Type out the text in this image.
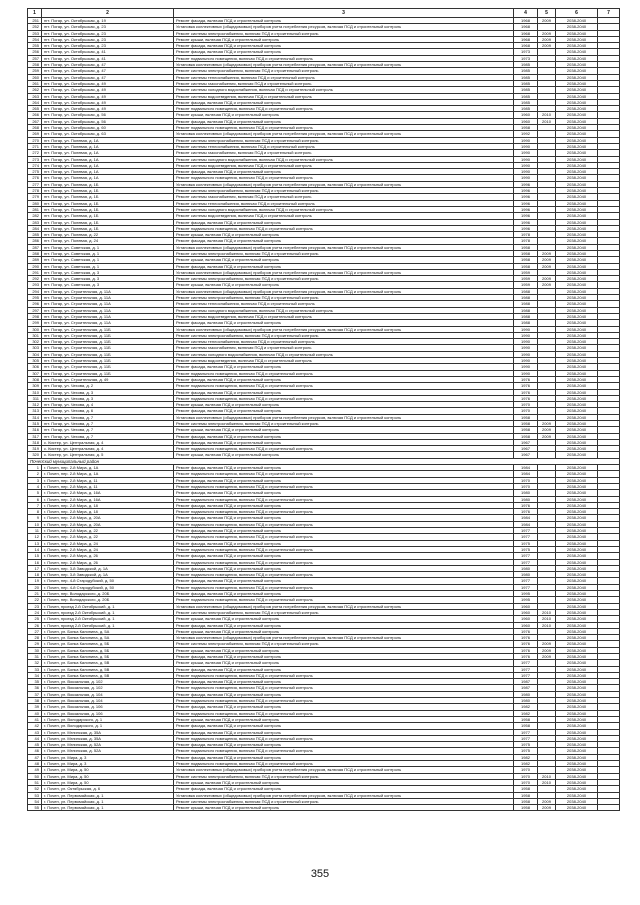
1	2	3	4	5	6	7
251	пгт. Погар, ул. Октябрьская, д. 19	Ремонт фасада, включая ПСД и строительный контроль	1968	2009	2038-2040	
252	пгт. Погар, ул. Октябрьская, д. 23	Установка коллективных (общедомовых) приборов учета потребления ресурсов, включая ПСД и строительный контроль	1968		2038-2040	
253	пгт. Погар, ул. Октябрьская, д. 23	Ремонт системы электроснабжения, включая ПСД и строительный контроль	1968	2009	2038-2040	
254	пгт. Погар, ул. Октябрьская, д. 23	Ремонт крыши, включая ПСД и строительный контроль	1968	2009	2038-2040	
255	пгт. Погар, ул. Октябрьская, д. 23	Ремонт фасада, включая ПСД и строительный контроль	1968	2009	2038-2040	
256	пгт. Погар, ул. Октябрьская, д. 41	Ремонт фасада, включая ПСД и строительный контроль	1973		2038-2040	
257	пгт. Погар, ул. Октябрьская, д. 41	Ремонт подвального помещения, включая ПСД и строительный контроль	1973		2038-2040	
258	пгт. Погар, ул. Октябрьская, д. 47	Установка коллективных (общедомовых) приборов учета потребления ресурсов, включая ПСД и строительный контроль	1985		2038-2040	
259	пгт. Погар, ул. Октябрьская, д. 47	Ремонт системы электроснабжения, включая ПСД и строительный контроль	1985		2038-2040	
260	пгт. Погар, ул. Октябрьская, д. 47	Ремонт системы теплоснабжения, включая ПСД и строительный контроль	1985		2038-2040	
261	пгт. Погар, ул. Октябрьская, д. 49	Ремонт системы газоснабжения, включая ПСД и строительный контроль	1985		2038-2040	
262	пгт. Погар, ул. Октябрьская, д. 49	Ремонт системы холодного водоснабжения, включая ПСД и строительный контроль	1985		2038-2040	
263	пгт. Погар, ул. Октябрьская, д. 49	Ремонт системы водоотведения, включая ПСД и строительный контроль	1985		2038-2040	
264	пгт. Погар, ул. Октябрьская, д. 49	Ремонт фасада, включая ПСД и строительный контроль	1985		2038-2040	
265	пгт. Погар, ул. Октябрьская, д. 49	Ремонт подвального помещения, включая ПСД и строительный контроль	1985		2038-2040	
266	пгт. Погар, ул. Октябрьская, д. 56	Ремонт крыши, включая ПСД и строительный контроль	1960	2010	2038-2040	
267	пгт. Погар, ул. Октябрьская, д. 56	Ремонт фасада, включая ПСД и строительный контроль	1960	2010	2038-2040	
268	пгт. Погар, ул. Октябрьская, д. 60	Ремонт подвального помещения, включая ПСД и строительный контроль	1958		2038-2040	
269	пгт. Погар, ул. Октябрьская, д. 63	Установка коллективных (общедомовых) приборов учета потребления ресурсов, включая ПСД и строительный контроль	1992		2038-2040	
270	пгт. Погар, ул. Полевая, д. 1А	Ремонт системы электроснабжения, включая ПСД и строительный контроль	1990		2038-2040	
271	пгт. Погар, ул. Полевая, д. 1А	Ремонт системы теплоснабжения, включая ПСД и строительный контроль	1990		2038-2040	
272	пгт. Погар, ул. Полевая, д. 1А	Ремонт системы газоснабжения, включая ПСД и строительный контроль	1990		2038-2040	
273	пгт. Погар, ул. Полевая, д. 1А	Ремонт системы холодного водоснабжения, включая ПСД и строительный контроль	1990		2038-2040	
274	пгт. Погар, ул. Полевая, д. 1А	Ремонт системы водоотведения, включая ПСД и строительный контроль	1990		2038-2040	
275	пгт. Погар, ул. Полевая, д. 1А	Ремонт фасада, включая ПСД и строительный контроль	1990		2038-2040	
276	пгт. Погар, ул. Полевая, д. 1А	Ремонт подвального помещения, включая ПСД и строительный контроль	1990		2038-2040	
277	пгт. Погар, ул. Полевая, д. 1Б	Установка коллективных (общедомовых) приборов учета потребления ресурсов, включая ПСД и строительный контроль	1996		2038-2040	
278	пгт. Погар, ул. Полевая, д. 1Б	Ремонт системы электроснабжения, включая ПСД и строительный контроль	1996		2038-2040	
279	пгт. Погар, ул. Полевая, д. 1Б	Ремонт системы газоснабжения, включая ПСД и строительный контроль	1996		2038-2040	
280	пгт. Погар, ул. Полевая, д. 1Б	Ремонт системы теплоснабжения, включая ПСД и строительный контроль	1996		2038-2040	
281	пгт. Погар, ул. Полевая, д. 1Б	Ремонт системы холодного водоснабжения, включая ПСД и строительный контроль	1996		2038-2040	
282	пгт. Погар, ул. Полевая, д. 1Б	Ремонт системы водоотведения, включая ПСД и строительный контроль	1996		2038-2040	
283	пгт. Погар, ул. Полевая, д. 1Б	Ремонт фасада, включая ПСД и строительный контроль	1996		2038-2040	
284	пгт. Погар, ул. Полевая, д. 1Б	Ремонт подвального помещения, включая ПСД и строительный контроль	1996		2038-2040	
285	пгт. Погар, ул. Полевая, д. 22	Ремонт крыши, включая ПСД и строительный контроль	1978		2038-2040	
286	пгт. Погар, ул. Полевая, д. 24	Ремонт фасада, включая ПСД и строительный контроль	1978		2038-2040	
287	пгт. Погар, ул. Советская, д. 1	Установка коллективных (общедомовых) приборов учета потребления ресурсов, включая ПСД и строительный контроль	1958		2038-2040	
288	пгт. Погар, ул. Советская, д. 1	Ремонт системы электроснабжения, включая ПСД и строительный контроль	1958	2009	2038-2040	
289	пгт. Погар, ул. Советская, д. 1	Ремонт крыши, включая ПСД и строительный контроль	1958	2009	2038-2040	
290	пгт. Погар, ул. Советская, д. 1	Ремонт фасада, включая ПСД и строительный контроль	1958	2009	2038-2040	
291	пгт. Погар, ул. Советская, д. 3	Установка коллективных (общедомовых) приборов учета потребления ресурсов, включая ПСД и строительный контроль	1959		2038-2040	
292	пгт. Погар, ул. Советская, д. 3	Ремонт системы электроснабжения, включая ПСД и строительный контроль	1959	2009	2038-2040	
293	пгт. Погар, ул. Советская, д. 3	Ремонт крыши, включая ПСД и строительный контроль	1959	2009	2038-2040	
294	пгт. Погар, ул. Строительная, д. 11А	Установка коллективных (общедомовых) приборов учета потребления ресурсов, включая ПСД и строительный контроль	1988		2038-2040	
295	пгт. Погар, ул. Строительная, д. 11А	Ремонт системы электроснабжения, включая ПСД и строительный контроль	1988		2038-2040	
296	пгт. Погар, ул. Строительная, д. 11А	Ремонт системы теплоснабжения, включая ПСД и строительный контроль	1988		2038-2040	
297	пгт. Погар, ул. Строительная, д. 11А	Ремонт системы холодного водоснабжения, включая ПСД и строительный контроль	1988		2038-2040	
298	пгт. Погар, ул. Строительная, д. 11А	Ремонт системы водоотведения, включая ПСД и строительный контроль	1988		2038-2040	
299	пгт. Погар, ул. Строительная, д. 11А	Ремонт фасада, включая ПСД и строительный контроль	1988		2038-2040	
300	пгт. Погар, ул. Строительная, д. 11Б	Установка коллективных (общедомовых) приборов учета потребления ресурсов, включая ПСД и строительный контроль	1990		2038-2040	
301	пгт. Погар, ул. Строительная, д. 11Б	Ремонт системы электроснабжения, включая ПСД и строительный контроль	1990		2038-2040	
302	пгт. Погар, ул. Строительная, д. 11Б	Ремонт системы теплоснабжения, включая ПСД и строительный контроль	1990		2038-2040	
303	пгт. Погар, ул. Строительная, д. 11Б	Ремонт системы газоснабжения, включая ПСД и строительный контроль	1990		2038-2040	
304	пгт. Погар, ул. Строительная, д. 11Б	Ремонт системы холодного водоснабжения, включая ПСД и строительный контроль	1990		2038-2040	
305	пгт. Погар, ул. Строительная, д. 11Б	Ремонт системы водоотведения, включая ПСД и строительный контроль	1990		2038-2040	
306	пгт. Погар, ул. Строительная, д. 11Б	Ремонт фасада, включая ПСД и строительный контроль	1990		2038-2040	
307	пгт. Погар, ул. Строительная, д. 11Б	Ремонт подвального помещения, включая ПСД и строительный контроль	1990		2038-2040	
308	пгт. Погар, ул. Строительная, д. 49	Ремонт фасада, включая ПСД и строительный контроль	1976		2038-2040	
309	пгт. Погар, ул. Чехова, д. 2	Ремонт подвального помещения, включая ПСД и строительный контроль	1976		2038-2040	
310	пгт. Погар, ул. Чехова, д. 3	Ремонт фасада, включая ПСД и строительный контроль	1976		2038-2040	
311	пгт. Погар, ул. Чехова, д. 3	Ремонт подвального помещения, включая ПСД и строительный контроль	1976		2038-2040	
312	пгт. Погар, ул. Чехова, д. 4	Ремонт крыши, включая ПСД и строительный контроль	1970		2038-2040	
313	пгт. Погар, ул. Чехова, д. 6	Ремонт фасада, включая ПСД и строительный контроль	1970		2038-2040	
314	пгт. Погар, ул. Чехова, д. 7	Установка коллективных (общедомовых) приборов учета потребления ресурсов, включая ПСД и строительный контроль	1958		2038-2040	
315	пгт. Погар, ул. Чехова, д. 7	Ремонт системы электроснабжения, включая ПСД и строительный контроль	1958	2009	2038-2040	
316	пгт. Погар, ул. Чехова, д. 7	Ремонт крыши, включая ПСД и строительный контроль	1958	2009	2038-2040	
317	пгт. Погар, ул. Чехова, д. 7	Ремонт фасада, включая ПСД и строительный контроль	1958	2009	2038-2040	
318	с. Кистер, ул. Центральная, д. 4	Ремонт фасада, включая ПСД и строительный контроль	1967		2038-2040	
319	с. Кистер, ул. Центральная, д. 4	Ремонт подвального помещения, включая ПСД и строительный контроль	1967		2038-2040	
320	с. Кистер, ул. Центральная, д. 5	Ремонт крыши, включая ПСД и строительный контроль	1967		2038-2040	
Почепский муниципальный район						
1	г. Почеп, пер. 2-й Мира, д. 1А	Ремонт фасада, включая ПСД и строительный контроль	1984		2038-2040	
2	г. Почеп, пер. 2-й Мира, д. 1А	Ремонт подвального помещения, включая ПСД и строительный контроль	1984		2038-2040	
3	г. Почеп, пер. 2-й Мира, д. 11	Ремонт фасада, включая ПСД и строительный контроль	1970		2038-2040	
4	г. Почеп, пер. 2-й Мира, д. 11	Ремонт подвального помещения, включая ПСД и строительный контроль	1970		2038-2040	
5	г. Почеп, пер. 2-й Мира, д. 16А	Ремонт фасада, включая ПСД и строительный контроль	1980		2038-2040	
6	г. Почеп, пер. 2-й Мира, д. 16А	Ремонт подвального помещения, включая ПСД и строительный контроль	1980		2038-2040	
7	г. Почеп, пер. 2-й Мира, д. 18	Ремонт фасада, включая ПСД и строительный контроль	1976		2038-2040	
8	г. Почеп, пер. 2-й Мира, д. 18	Ремонт подвального помещения, включая ПСД и строительный контроль	1976		2038-2040	
9	г. Почеп, пер. 2-й Мира, д. 20А	Ремонт фасада, включая ПСД и строительный контроль	1984		2038-2040	
10	г. Почеп, пер. 2-й Мира, д. 20А	Ремонт подвального помещения, включая ПСД и строительный контроль	1984		2038-2040	
11	г. Почеп, пер. 2-й Мира, д. 22	Ремонт фасада, включая ПСД и строительный контроль	1977		2038-2040	
12	г. Почеп, пер. 2-й Мира, д. 22	Ремонт подвального помещения, включая ПСД и строительный контроль	1977		2038-2040	
13	г. Почеп, пер. 2-й Мира, д. 24	Ремонт фасада, включая ПСД и строительный контроль	1975		2038-2040	
14	г. Почеп, пер. 2-й Мира, д. 24	Ремонт подвального помещения, включая ПСД и строительный контроль	1975		2038-2040	
15	г. Почеп, пер. 2-й Мира, д. 26	Ремонт фасада, включая ПСД и строительный контроль	1977		2038-2040	
16	г. Почеп, пер. 2-й Мира, д. 26	Ремонт подвального помещения, включая ПСД и строительный контроль	1977		2038-2040	
17	г. Почеп, пер. 3-й Заводской, д. 1А	Ремонт фасада, включая ПСД и строительный контроль	1980		2038-2040	
18	г. Почеп, пер. 3-й Заводской, д. 1А	Ремонт подвального помещения, включая ПСД и строительный контроль	1980		2038-2040	
19	г. Почеп, пер. 4-й Стародубский, д. 50	Ремонт фасада, включая ПСД и строительный контроль	1977		2038-2040	
20	г. Почеп, пер. 4-й Стародубский, д. 50	Ремонт подвального помещения, включая ПСД и строительный контроль	1977		2038-2040	
21	г. Почеп, пер. Володарского, д. 20Б	Ремонт фасада, включая ПСД и строительный контроль	1995		2038-2040	
22	г. Почеп, пер. Володарского, д. 20Б	Ремонт подвального помещения, включая ПСД и строительный контроль	1995		2038-2040	
23	г. Почеп, проезд 2-й Октябрьский, д. 1	Установка коллективных (общедомовых) приборов учета потребления ресурсов, включая ПСД и строительный контроль	1960		2038-2040	
24	г. Почеп, проезд 2-й Октябрьский, д. 1	Ремонт системы электроснабжения, включая ПСД и строительный контроль	1960	2010	2038-2040	
25	г. Почеп, проезд 2-й Октябрьский, д. 1	Ремонт крыши, включая ПСД и строительный контроль	1960	2010	2038-2040	
26	г. Почеп, проезд 2-й Октябрьский, д. 1	Ремонт фасада, включая ПСД и строительный контроль	1960	2010	2038-2040	
27	г. Почеп, ул. Бонка Калинина, д. 5А	Ремонт крыши, включая ПСД и строительный контроль	1976		2038-2040	
28	г. Почеп, ул. Бонка Калинина, д. 5А	Установка коллективных (общедомовых) приборов учета потребления ресурсов, включая ПСД и строительный контроль	1976		2038-2040	
29	г. Почеп, ул. Бонка Калинина, д. 5Б	Ремонт системы электроснабжения, включая ПСД и строительный контроль	1976	2009	2038-2040	
30	г. Почеп, ул. Бонка Калинина, д. 5Б	Ремонт крыши, включая ПСД и строительный контроль	1976	2009	2038-2040	
31	г. Почеп, ул. Бонка Калинина, д. 5Б	Ремонт фасада, включая ПСД и строительный контроль	1976	2009	2038-2040	
32	г. Почеп, ул. Бонка Калинина, д. 5В	Ремонт крыши, включая ПСД и строительный контроль	1977		2038-2040	
33	г. Почеп, ул. Бонка Калинина, д. 5В	Ремонт фасада, включая ПСД и строительный контроль	1977		2038-2040	
34	г. Почеп, ул. Бонка Калинина, д. 5В	Ремонт подвального помещения, включая ПСД и строительный контроль	1977		2038-2040	
35	г. Почеп, ул. Вокзальная, д. 102	Ремонт фасада, включая ПСД и строительный контроль	1987		2038-2040	
36	г. Почеп, ул. Вокзальная, д. 102	Ремонт подвального помещения, включая ПСД и строительный контроль	1987		2038-2040	
37	г. Почеп, ул. Вокзальная, д. 104	Ремонт фасада, включая ПСД и строительный контроль	1980		2038-2040	
38	г. Почеп, ул. Вокзальная, д. 104	Ремонт подвального помещения, включая ПСД и строительный контроль	1980		2038-2040	
39	г. Почеп, ул. Вокзальная, д. 106	Ремонт фасада, включая ПСД и строительный контроль	1982		2038-2040	
40	г. Почеп, ул. Вокзальная, д. 106	Ремонт подвального помещения, включая ПСД и строительный контроль	1982		2038-2040	
41	г. Почеп, ул. Володарского, д. 1	Ремонт крыши, включая ПСД и строительный контроль	1958		2038-2040	
42	г. Почеп, ул. Володарского, д. 1	Ремонт фасада, включая ПСД и строительный контроль	1958		2038-2040	
43	г. Почеп, ул. Мглинская, д. 35А	Ремонт фасада, включая ПСД и строительный контроль	1977		2038-2040	
44	г. Почеп, ул. Мглинская, д. 35А	Ремонт подвального помещения, включая ПСД и строительный контроль	1977		2038-2040	
45	г. Почеп, ул. Мглинская, д. 52А	Ремонт фасада, включая ПСД и строительный контроль	1975		2038-2040	
46	г. Почеп, ул. Мглинская, д. 52А	Ремонт подвального помещения, включая ПСД и строительный контроль	1975		2038-2040	
47	г. Почеп, ул. Мира, д. 3	Ремонт фасада, включая ПСД и строительный контроль	1982		2038-2040	
48	г. Почеп, ул. Мира, д. 3	Ремонт подвального помещения, включая ПСД и строительный контроль	1982		2038-2040	
49	г. Почеп, ул. Мира, д. 50	Установка коллективных (общедомовых) приборов учета потребления ресурсов, включая ПСД и строительный контроль	1970		2038-2040	
50	г. Почеп, ул. Мира, д. 50	Ремонт системы электроснабжения, включая ПСД и строительный контроль	1970	2010	2038-2040	
51	г. Почеп, ул. Мира, д. 50	Ремонт крыши, включая ПСД и строительный контроль	1970	2010	2038-2040	
52	г. Почеп, ул. Октябрьская, д. 6	Ремонт фасада, включая ПСД и строительный контроль	1958		2038-2040	
53	г. Почеп, ул. Первомайская, д. 1	Установка коллективных (общедомовых) приборов учета потребления ресурсов, включая ПСД и строительный контроль	1958		2038-2040	
54	г. Почеп, ул. Первомайская, д. 1	Ремонт системы электроснабжения, включая ПСД и строительный контроль	1958	2009	2038-2040	
55	г. Почеп, ул. Первомайская, д. 1	Ремонт крыши, включая ПСД и строительный контроль	1958	2009	2038-2040	
355
